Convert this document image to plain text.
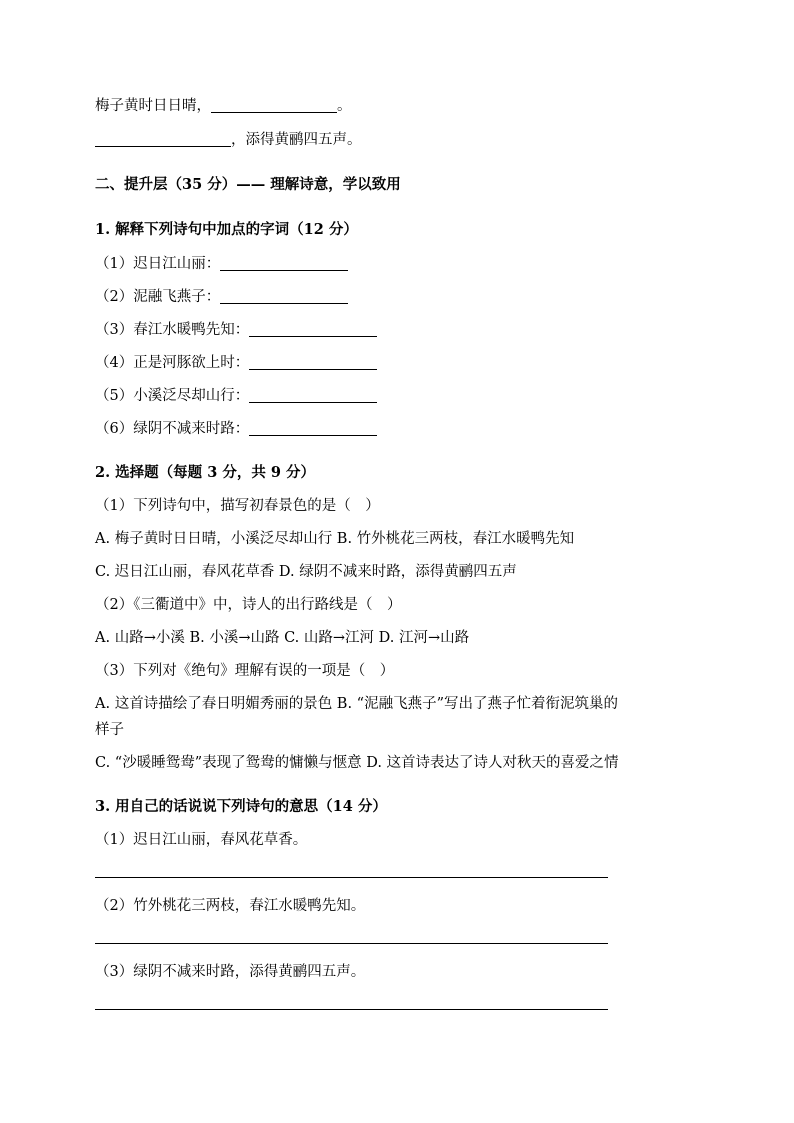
梅子黄时日日晴，	。
，添得黄鹂四五声。
二、提升层（35 分）—— 理解诗意，学以致用
1. 解释下列诗句中加点的字词（12 分）
（1）迟日江山丽：
（2）泥融飞燕子：
（3）春江水暖鸭先知：
（4）正是河豚欲上时：
（5）小溪泛尽却山行：
（6）绿阴不减来时路：
2. 选择题（每题 3 分，共 9 分）
（1）下列诗句中，描写初春景色的是（　）
A. 梅子黄时日日晴，小溪泛尽却山行 B. 竹外桃花三两枝，春江水暖鸭先知
C. 迟日江山丽，春风花草香 D. 绿阴不减来时路，添得黄鹂四五声
（2）《三衢道中》中，诗人的出行路线是（　）
A. 山路→小溪 B. 小溪→山路 C. 山路→江河 D. 江河→山路
（3）下列对《绝句》理解有误的一项是（　）
A. 这首诗描绘了春日明媚秀丽的景色 B. “泥融飞燕子”写出了燕子忙着衔泥筑巢的
样子
C. “沙暖睡鸳鸯”表现了鸳鸯的慵懒与惬意 D. 这首诗表达了诗人对秋天的喜爱之情
3. 用自己的话说说下列诗句的意思（14 分）
（1）迟日江山丽，春风花草香。
（2）竹外桃花三两枝，春江水暖鸭先知。
（3）绿阴不减来时路，添得黄鹂四五声。
